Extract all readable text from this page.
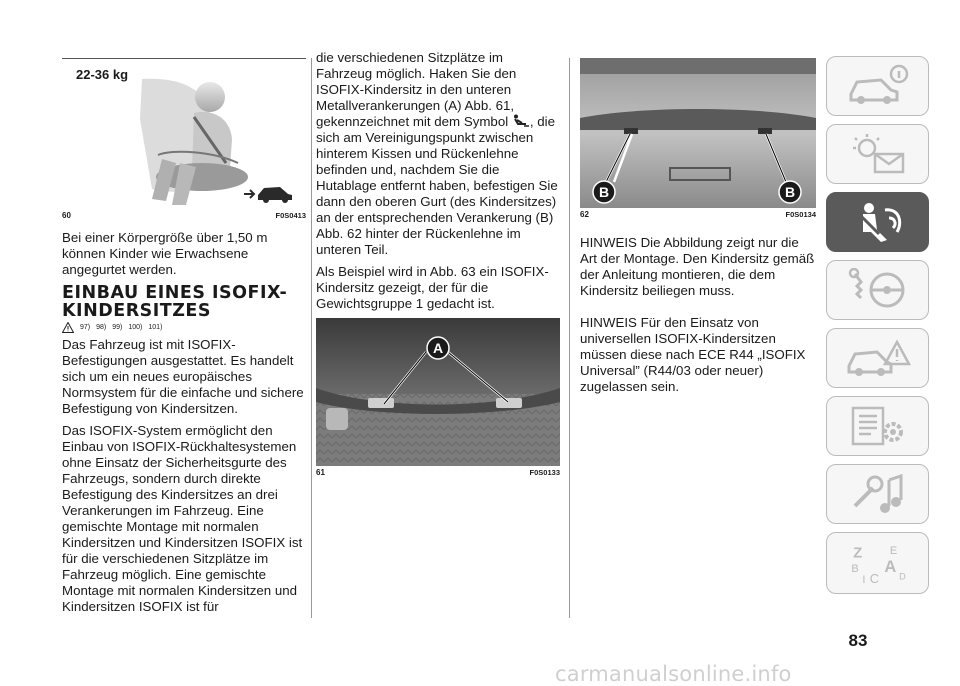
22-36 kg
60	F0S0413

Bei einer Körpergröße über 1,50 m können Kinder wie Erwachsene angegurtet werden.

EINBAU EINES ISOFIX-KINDERSITZES
97) 98) 99) 100) 101)

Das Fahrzeug ist mit ISOFIX-Befestigungen ausgestattet. Es handelt sich um ein neues europäisches Normsystem für die einfache und sichere Befestigung von Kindersitzen.

Das ISOFIX-System ermöglicht den Einbau von ISOFIX-Rückhaltesystemen ohne Einsatz der Sicherheitsgurte des Fahrzeugs, sondern durch direkte Befestigung des Kindersitzes an drei Verankerungen im Fahrzeug. Eine gemischte Montage mit normalen Kindersitzen und Kindersitzen ISOFIX ist für die verschiedenen Sitzplätze im Fahrzeug möglich. Eine gemischte Montage mit normalen Kindersitzen und Kindersitzen ISOFIX ist für

die verschiedenen Sitzplätze im Fahrzeug möglich. Haken Sie den ISOFIX-Kindersitz in den unteren Metallverankerungen (A) Abb. 61, gekennzeichnet mit dem Symbol , die sich am Vereinigungspunkt zwischen hinterem Kissen und Rückenlehne befinden und, nachdem Sie die Hutablage entfernt haben, befestigen Sie dann den oberen Gurt (des Kindersitzes) an der entsprechenden Verankerung (B) Abb. 62 hinter der Rückenlehne im unteren Teil.

Als Beispiel wird in Abb. 63 ein ISOFIX-Kindersitz gezeigt, der für die Gewichtsgruppe 1 gedacht ist.

A
61	F0S0133
B	B
62	F0S0134

HINWEIS Die Abbildung zeigt nur die Art der Montage. Den Kindersitz gemäß der Anleitung montieren, die dem Kindersitz beiliegen muss.

HINWEIS Für den Einsatz von universellen ISOFIX-Kindersitzen müssen diese nach ECE R44 „ISOFIX Universal” (R44/03 oder neuer) zugelassen sein.

Z E
A
B
C D
I
83
carmanualsonline.info
